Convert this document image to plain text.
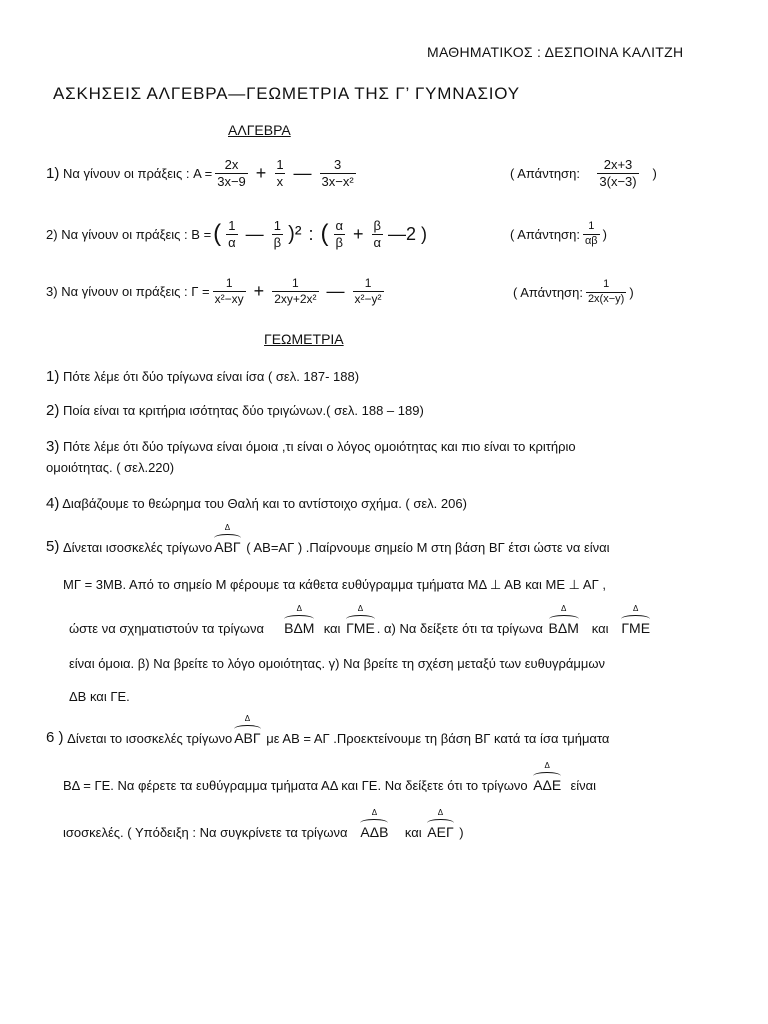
ΜΑΘΗΜΑΤΙΚΟΣ : ΔΕΣΠΟΙΝΑ ΚΑΛΙΤΖΗ
ΑΣΚΗΣΕΙΣ ΑΛΓΕΒΡΑ—ΓΕΩΜΕΤΡΙΑ ΤΗΣ Γ’ ΓΥΜΝΑΣΙΟΥ
ΑΛΓΕΒΡΑ
1)
Να γίνουν οι πράξεις :
$A = \frac{2x}{3x-9} + \frac{1}{x}$ — $\frac{3}{\text{3x−x²}}$	( Απάντηση:
$\frac{2x+3}{3(x-3)}$
)
2)
Να γίνουν οι πράξεις :
Β = ( $\frac{1}{\alpha}$ — $\frac{1}{\beta} )^2$ : ( $\frac{\alpha}{\beta} + \frac{\beta}{\alpha}$ —2 )	( Απάντηση: $\frac{1}{\alpha\beta}$ )
3)
Να γίνουν οι πράξεις :
$\Gamma = \frac{1}{\text{x²−xy}} + \frac{1}{\text{2xy+2x²}}$ — $\frac{1}{\text{x²−y²}}$	( Απάντηση: $\frac{1}{2x(x-y)}$ )
ΓΕΩΜΕΤΡΙΑ
1) Πότε λέμε ότι δύο τρίγωνα είναι ίσα ( σελ. 187- 188)
2) Ποία είναι τα κριτήρια ισότητας δύο τριγώνων.( σελ. 188 – 189)
3) Πότε λέμε ότι δύο τρίγωνα είναι όμοια ,τι είναι ο λόγος ομοιότητας και πιο είναι το κριτήριο
ομοιότητας. ( σελ.220)
4) Διαβάζουμε το θεώρημα του Θαλή και το αντίστοιχο σχήμα. ( σελ. 206)
5)
Δίνεται ισοσκελές τρίγωνο
Δ
ΑΒΓ
( ΑΒ=ΑΓ ) .Παίρνουμε σημείο Μ στη βάση ΒΓ έτσι ώστε να είναι
ΜΓ = 3ΜΒ. Από το σημείο Μ φέρουμε τα κάθετα ευθύγραμμα τμήματα ΜΔ ⊥ ΑΒ και ΜΕ ⊥ ΑΓ ,
ώστε να σχηματιστούν τα τρίγωνα

Δ
ΒΔΜ
και

Δ
ΓΜΕ . α) Να δείξετε ότι τα τρίγωνα

Δ
ΒΔΜ
και

Δ
ΓΜΕ
είναι όμοια. β) Να βρείτε το λόγο ομοιότητας. γ) Να βρείτε τη σχέση μεταξύ των ευθυγράμμων
ΔΒ και ΓΕ.
6 )
Δίνεται το ισοσκελές τρίγωνο
Δ
ΑΒΓ
με ΑΒ = ΑΓ .Προεκτείνουμε τη βάση ΒΓ κατά τα ίσα τμήματα
ΒΔ = ΓΕ. Να φέρετε τα ευθύγραμμα τμήματα ΑΔ και ΓΕ. Να δείξετε ότι το τρίγωνο

Δ
ΑΔΕ
είναι
ισοσκελές. ( Υπόδειξη : Να συγκρίνετε τα τρίγωνα

Δ
ΑΔΒ
και

Δ
ΑΕΓ
)
